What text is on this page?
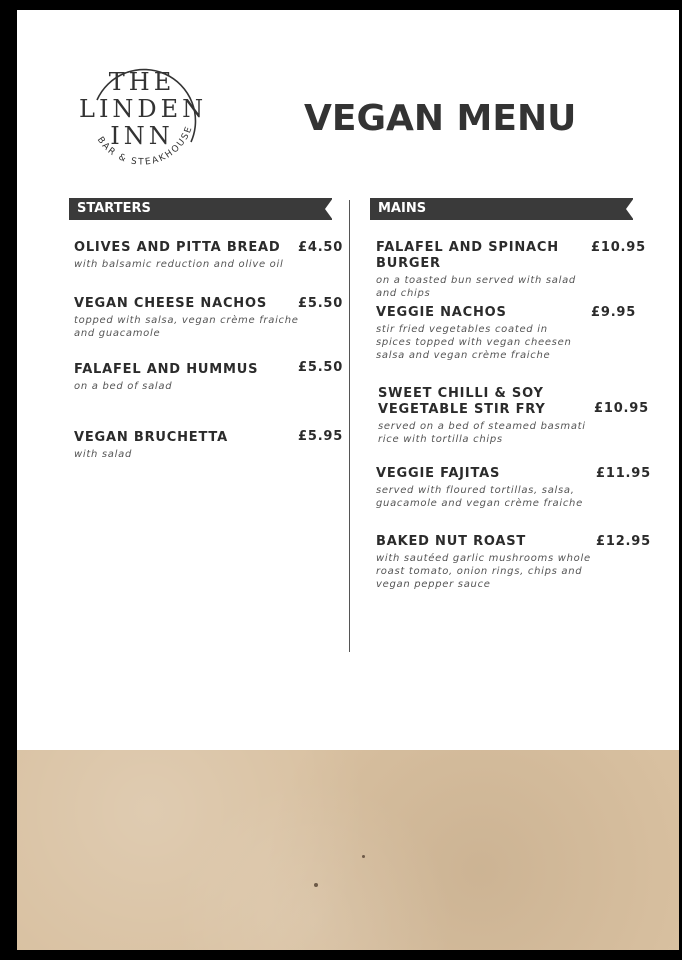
BAR & STEAKHOUSE
THE
LINDEN
INN	VEGAN MENU
STARTERS
OLIVES AND PITTA BREAD
with balsamic reduction and olive oil
£4.50
VEGAN CHEESE NACHOS
topped with salsa, vegan crème fraiche and guacamole
£5.50
FALAFEL AND HUMMUS
on a bed of salad
£5.50
VEGAN BRUCHETTA
with salad
£5.95
MAINS
FALAFEL AND SPINACH BURGER
on a toasted bun served with salad and chips
£10.95
VEGGIE NACHOS
stir fried vegetables coated in spices topped with vegan cheesen salsa and vegan crème fraiche
£9.95
SWEET CHILLI & SOY VEGETABLE STIR FRY
served on a bed of steamed basmati rice with tortilla chips
£10.95
VEGGIE FAJITAS
served with floured tortillas, salsa, guacamole and vegan crème fraiche
£11.95
BAKED NUT ROAST
with sautéed garlic mushrooms whole roast tomato, onion rings, chips and vegan pepper sauce
£12.95
